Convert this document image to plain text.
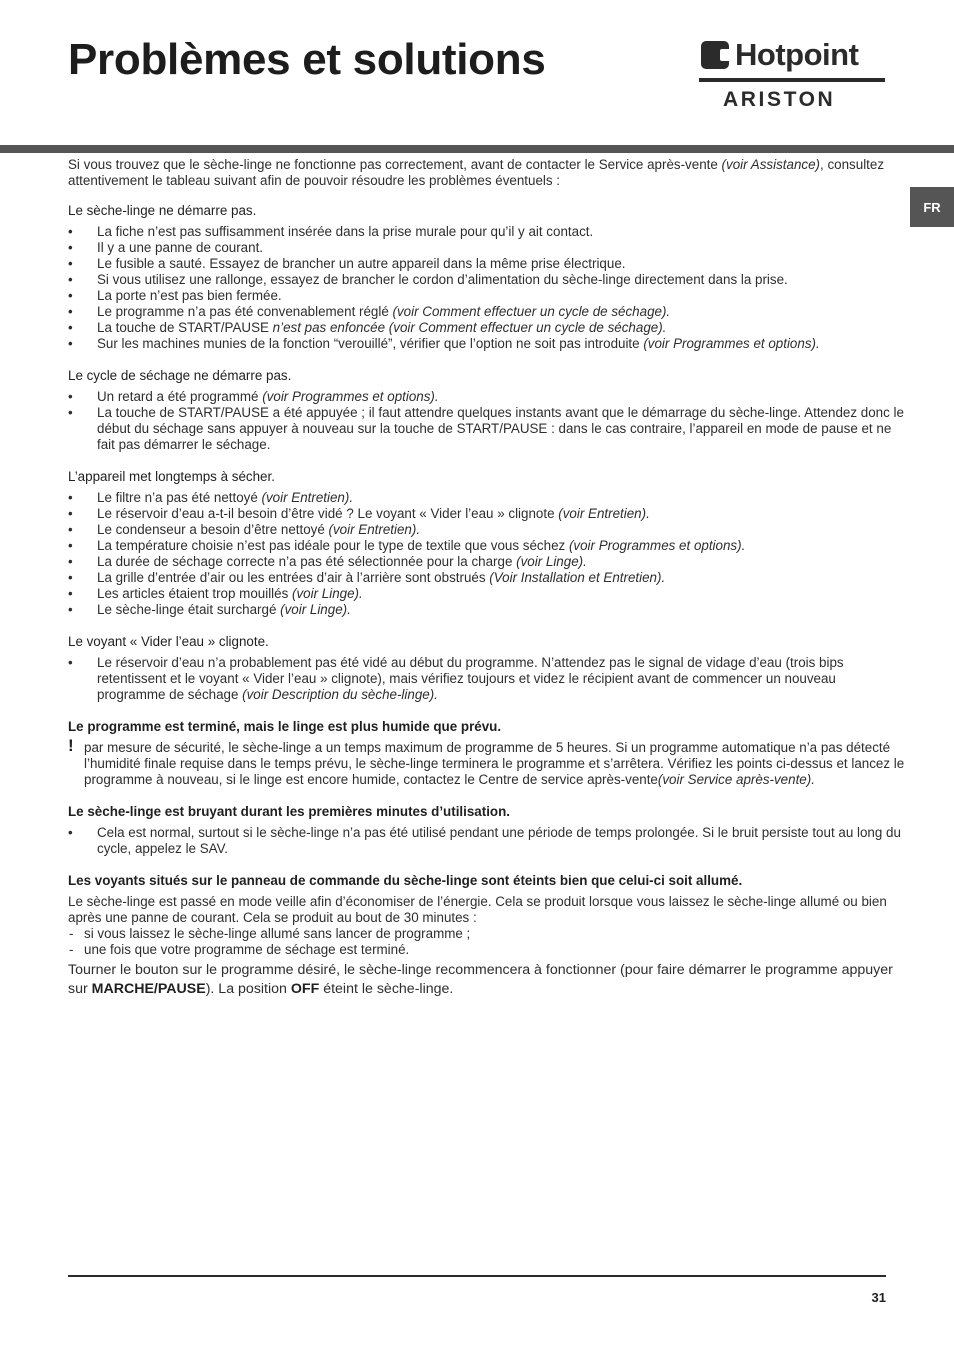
Problèmes et solutions	Hotpoint
ARISTON
FR

Si vous trouvez que le sèche-linge ne fonctionne pas correctement, avant de contacter le Service après-vente (voir Assistance), consultez attentivement le tableau suivant afin de pouvoir résoudre les problèmes éventuels :

Le sèche-linge ne démarre pas.
• La fiche n’est pas suffisamment insérée dans la prise murale pour qu’il y ait contact.
• Il y a une panne de courant.
• Le fusible a sauté. Essayez de brancher un autre appareil dans la même prise électrique.
• Si vous utilisez une rallonge, essayez de brancher le cordon d’alimentation du sèche-linge directement dans la prise.
• La porte n’est pas bien fermée.
• Le programme n’a pas été convenablement réglé (voir Comment effectuer un cycle de séchage).
• La touche de START/PAUSE n’est pas enfoncée (voir Comment effectuer un cycle de séchage).
• Sur les machines munies de la fonction “verouillé”, vérifier que l’option ne soit pas introduite (voir Programmes et options).
Le cycle de séchage ne démarre pas.
• Un retard a été programmé (voir Programmes et options).
• La touche de START/PAUSE a été appuyée ; il faut attendre quelques instants avant que le démarrage du sèche-linge. Attendez donc le début du séchage sans appuyer à nouveau sur la touche de START/PAUSE : dans le cas contraire, l’appareil en mode de pause et ne fait pas démarrer le séchage.
L’appareil met longtemps à sécher.
• Le filtre n’a pas été nettoyé (voir Entretien).
• Le réservoir d’eau a-t-il besoin d’être vidé ? Le voyant « Vider l’eau » clignote (voir Entretien).
• Le condenseur a besoin d’être nettoyé (voir Entretien).
• La température choisie n’est pas idéale pour le type de textile que vous séchez (voir Programmes et options).
• La durée de séchage correcte n’a pas été sélectionnée pour la charge (voir Linge).
• La grille d’entrée d’air ou les entrées d’air à l’arrière sont obstrués (Voir Installation et Entretien).
• Les articles étaient trop mouillés (voir Linge).
• Le sèche-linge était surchargé (voir Linge).
Le voyant « Vider l’eau » clignote.
• Le réservoir d’eau n’a probablement pas été vidé au début du programme. N’attendez pas le signal de vidage d’eau (trois bips retentissent et le voyant « Vider l’eau » clignote), mais vérifiez toujours et videz le récipient avant de commencer un nouveau programme de séchage (voir Description du sèche-linge).
Le programme est terminé, mais le linge est plus humide que prévu.

! par mesure de sécurité, le sèche-linge a un temps maximum de programme de 5 heures. Si un programme automatique n’a pas détecté l’humidité finale requise dans le temps prévu, le sèche-linge terminera le programme et s’arrêtera. Vérifiez les points ci-dessus et lancez le programme à nouveau, si le linge est encore humide, contactez le Centre de service après-vente(voir Service après-vente).

Le sèche-linge est bruyant durant les premières minutes d’utilisation.
• Cela est normal, surtout si le sèche-linge n’a pas été utilisé pendant une période de temps prolongée. Si le bruit persiste tout au long du cycle, appelez le SAV.
Les voyants situés sur le panneau de commande du sèche-linge sont éteints bien que celui-ci soit allumé.

Le sèche-linge est passé en mode veille afin d’économiser de l’énergie. Cela se produit lorsque vous laissez le sèche-linge allumé ou bien après une panne de courant. Cela se produit au bout de 30 minutes :

- si vous laissez le sèche-linge allumé sans lancer de programme ;
- une fois que votre programme de séchage est terminé.

Tourner le bouton sur le programme désiré, le sèche-linge recommencera à fonctionner (pour faire démarrer le programme appuyer sur MARCHE/PAUSE). La position OFF éteint le sèche-linge.

31
